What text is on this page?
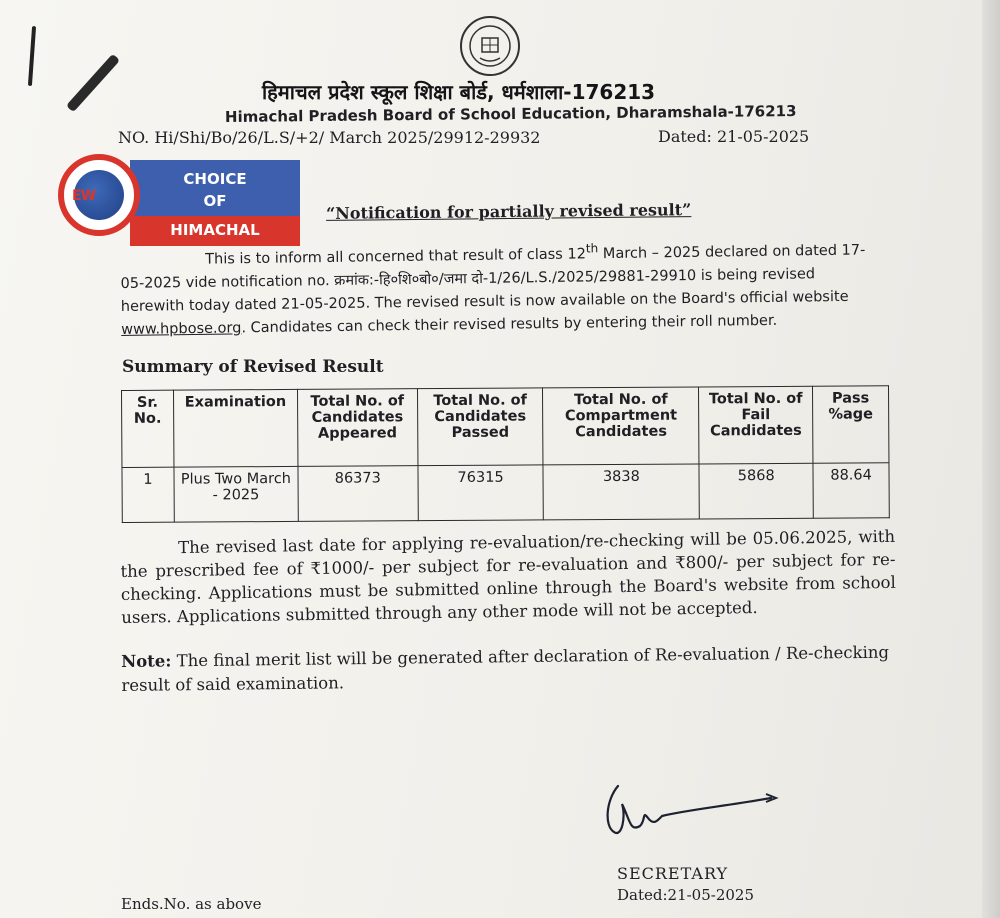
हिमाचल प्रदेश स्कूल शिक्षा बोर्ड, धर्मशाला-176213
Himachal Pradesh Board of School Education, Dharamshala-176213
NO. Hi/Shi/Bo/26/L.S/+2/ March 2025/29912-29932	Dated: 21-05-2025
CHOICE
OF
HIMACHAL
EW
“Notification for partially revised result”
This is to inform all concerned that result of class 12th March – 2025 declared on dated 17-05-2025 vide notification no. क्रमांक:-हि०शि०बो०/जमा दो-1/26/L.S./2025/29881-29910 is being revised herewith today dated 21-05-2025. The revised result is now available on the Board's official website www.hpbose.org. Candidates can check their revised results by entering their roll number.
Summary of Revised Result
Sr. No.	Examination	Total No. of Candidates Appeared	Total No. of Candidates Passed	Total No. of Compartment Candidates	Total No. of Fail Candidates	Pass %age
1	Plus Two March - 2025	86373	76315	3838	5868	88.64
The revised last date for applying re-evaluation/re-checking will be 05.06.2025, with the prescribed fee of ₹1000/- per subject for re-evaluation and ₹800/- per subject for re-checking. Applications must be submitted online through the Board's website from school users. Applications submitted through any other mode will not be accepted.
Note: The final merit list will be generated after declaration of Re-evaluation / Re-checking result of said examination.
SECRETARY
Dated:21-05-2025
Ends.No. as above
